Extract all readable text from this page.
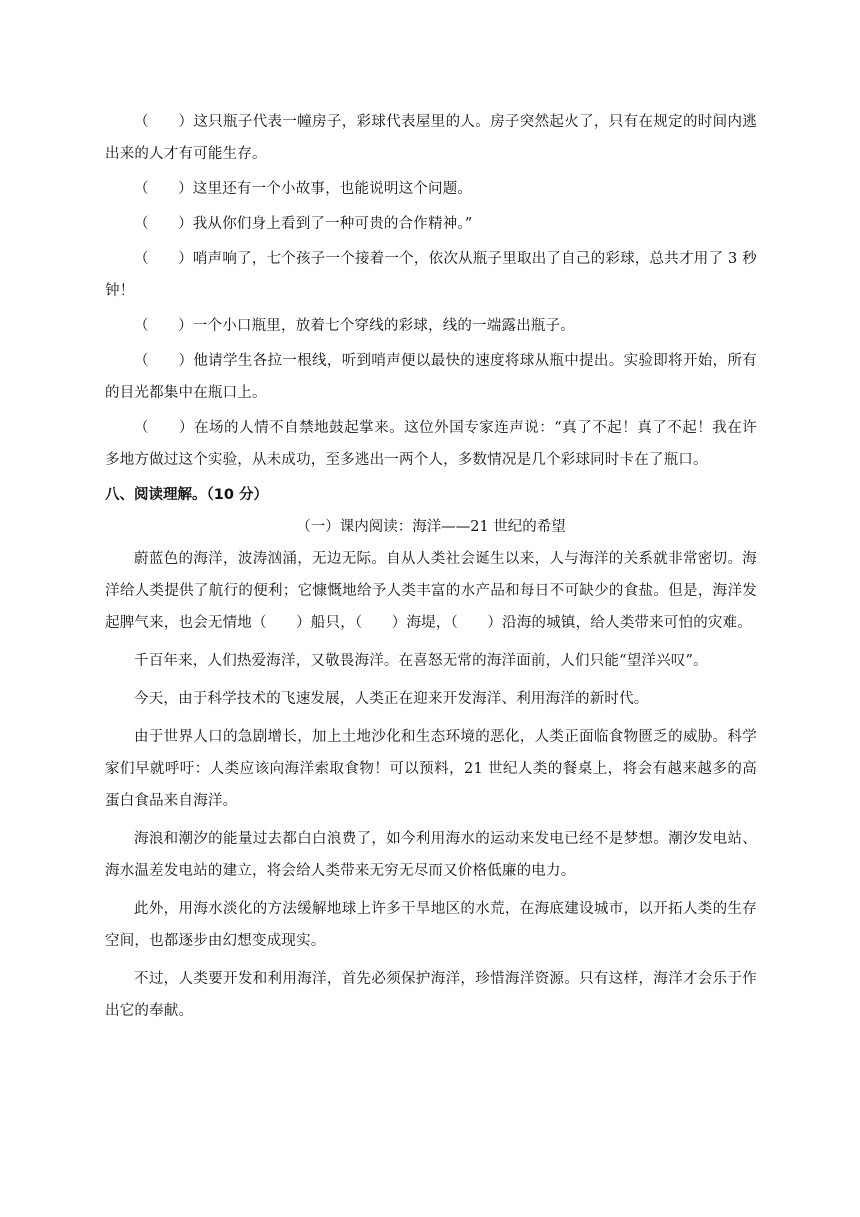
（　　）这只瓶子代表一幢房子，彩球代表屋里的人。房子突然起火了，只有在规定的时间内逃出来的人才有可能生存。

（　　）这里还有一个小故事，也能说明这个问题。

（　　）我从你们身上看到了一种可贵的合作精神。”

（　　）哨声响了，七个孩子一个接着一个，依次从瓶子里取出了自己的彩球，总共才用了 3 秒钟！

（　　）一个小口瓶里，放着七个穿线的彩球，线的一端露出瓶子。

（　　）他请学生各拉一根线，听到哨声便以最快的速度将球从瓶中提出。实验即将开始，所有的目光都集中在瓶口上。

（　　）在场的人情不自禁地鼓起掌来。这位外国专家连声说：“真了不起！真了不起！我在许多地方做过这个实验，从未成功，至多逃出一两个人，多数情况是几个彩球同时卡在了瓶口。

八、阅读理解。（10 分）

（一）课内阅读：海洋——21 世纪的希望

蔚蓝色的海洋，波涛汹涌，无边无际。自从人类社会诞生以来，人与海洋的关系就非常密切。海洋给人类提供了航行的便利；它慷慨地给予人类丰富的水产品和每日不可缺少的食盐。但是，海洋发起脾气来，也会无情地（　　）船只，（　　）海堤，（　　）沿海的城镇，给人类带来可怕的灾难。

千百年来，人们热爱海洋，又敬畏海洋。在喜怒无常的海洋面前，人们只能“望洋兴叹”。

今天，由于科学技术的飞速发展，人类正在迎来开发海洋、利用海洋的新时代。

由于世界人口的急剧增长，加上土地沙化和生态环境的恶化，人类正面临食物匮乏的威胁。科学家们早就呼吁：人类应该向海洋索取食物！可以预料，21 世纪人类的餐桌上，将会有越来越多的高蛋白食品来自海洋。

海浪和潮汐的能量过去都白白浪费了，如今利用海水的运动来发电已经不是梦想。潮汐发电站、海水温差发电站的建立，将会给人类带来无穷无尽而又价格低廉的电力。

此外，用海水淡化的方法缓解地球上许多干旱地区的水荒，在海底建设城市，以开拓人类的生存空间，也都逐步由幻想变成现实。

不过，人类要开发和利用海洋，首先必须保护海洋，珍惜海洋资源。只有这样，海洋才会乐于作出它的奉献。
